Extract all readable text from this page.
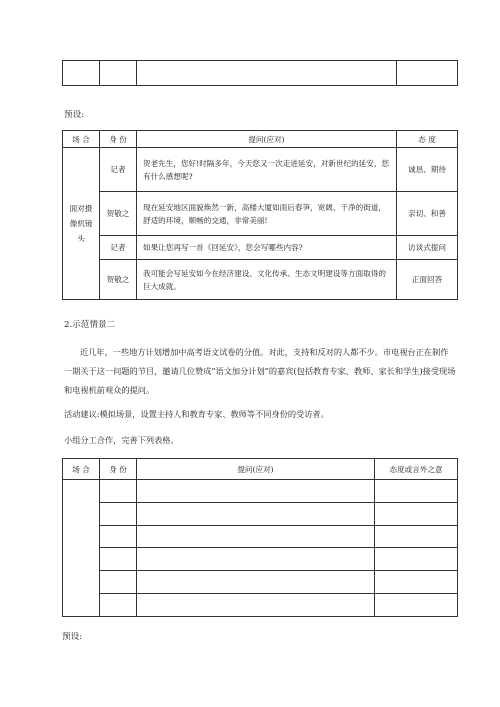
预设:
场 合	身 份	提问(应对)	态 度
面对摄像机镜头	记者	贺老先生，您好!时隔多年，今天您又一次走进延安，对新世纪的延安，您有什么感想呢?	诚恳、期待
	贺敬之	现在延安地区面貌焕然一新，高楼大厦如雨后春笋，宽阔、干净的街道，舒适的环境，顺畅的交通，非常美丽!	亲切、和善
	记者	如果让您再写一首《回延安》，您会写哪些内容?	访谈式提问
	贺敬之	我可能会写延安如今在经济建设、文化传承、生态文明建设等方面取得的巨大成就。	正面回答
2.示范情景二
近几年，一些地方计划增加中高考语文试卷的分值。对此，支持和反对的人都不少。市电视台正在制作一期关于这一问题的节目，邀请几位赞成“语文加分计划”的嘉宾(包括教育专家、教师、家长和学生)接受现场和电视机前观众的提问。
活动建议:模拟场景，设置主持人和教育专家、教师等不同身份的受访者。
小组分工合作，完善下列表格。
场 合	身 份	提问(应对)	态度或言外之意

预设:
